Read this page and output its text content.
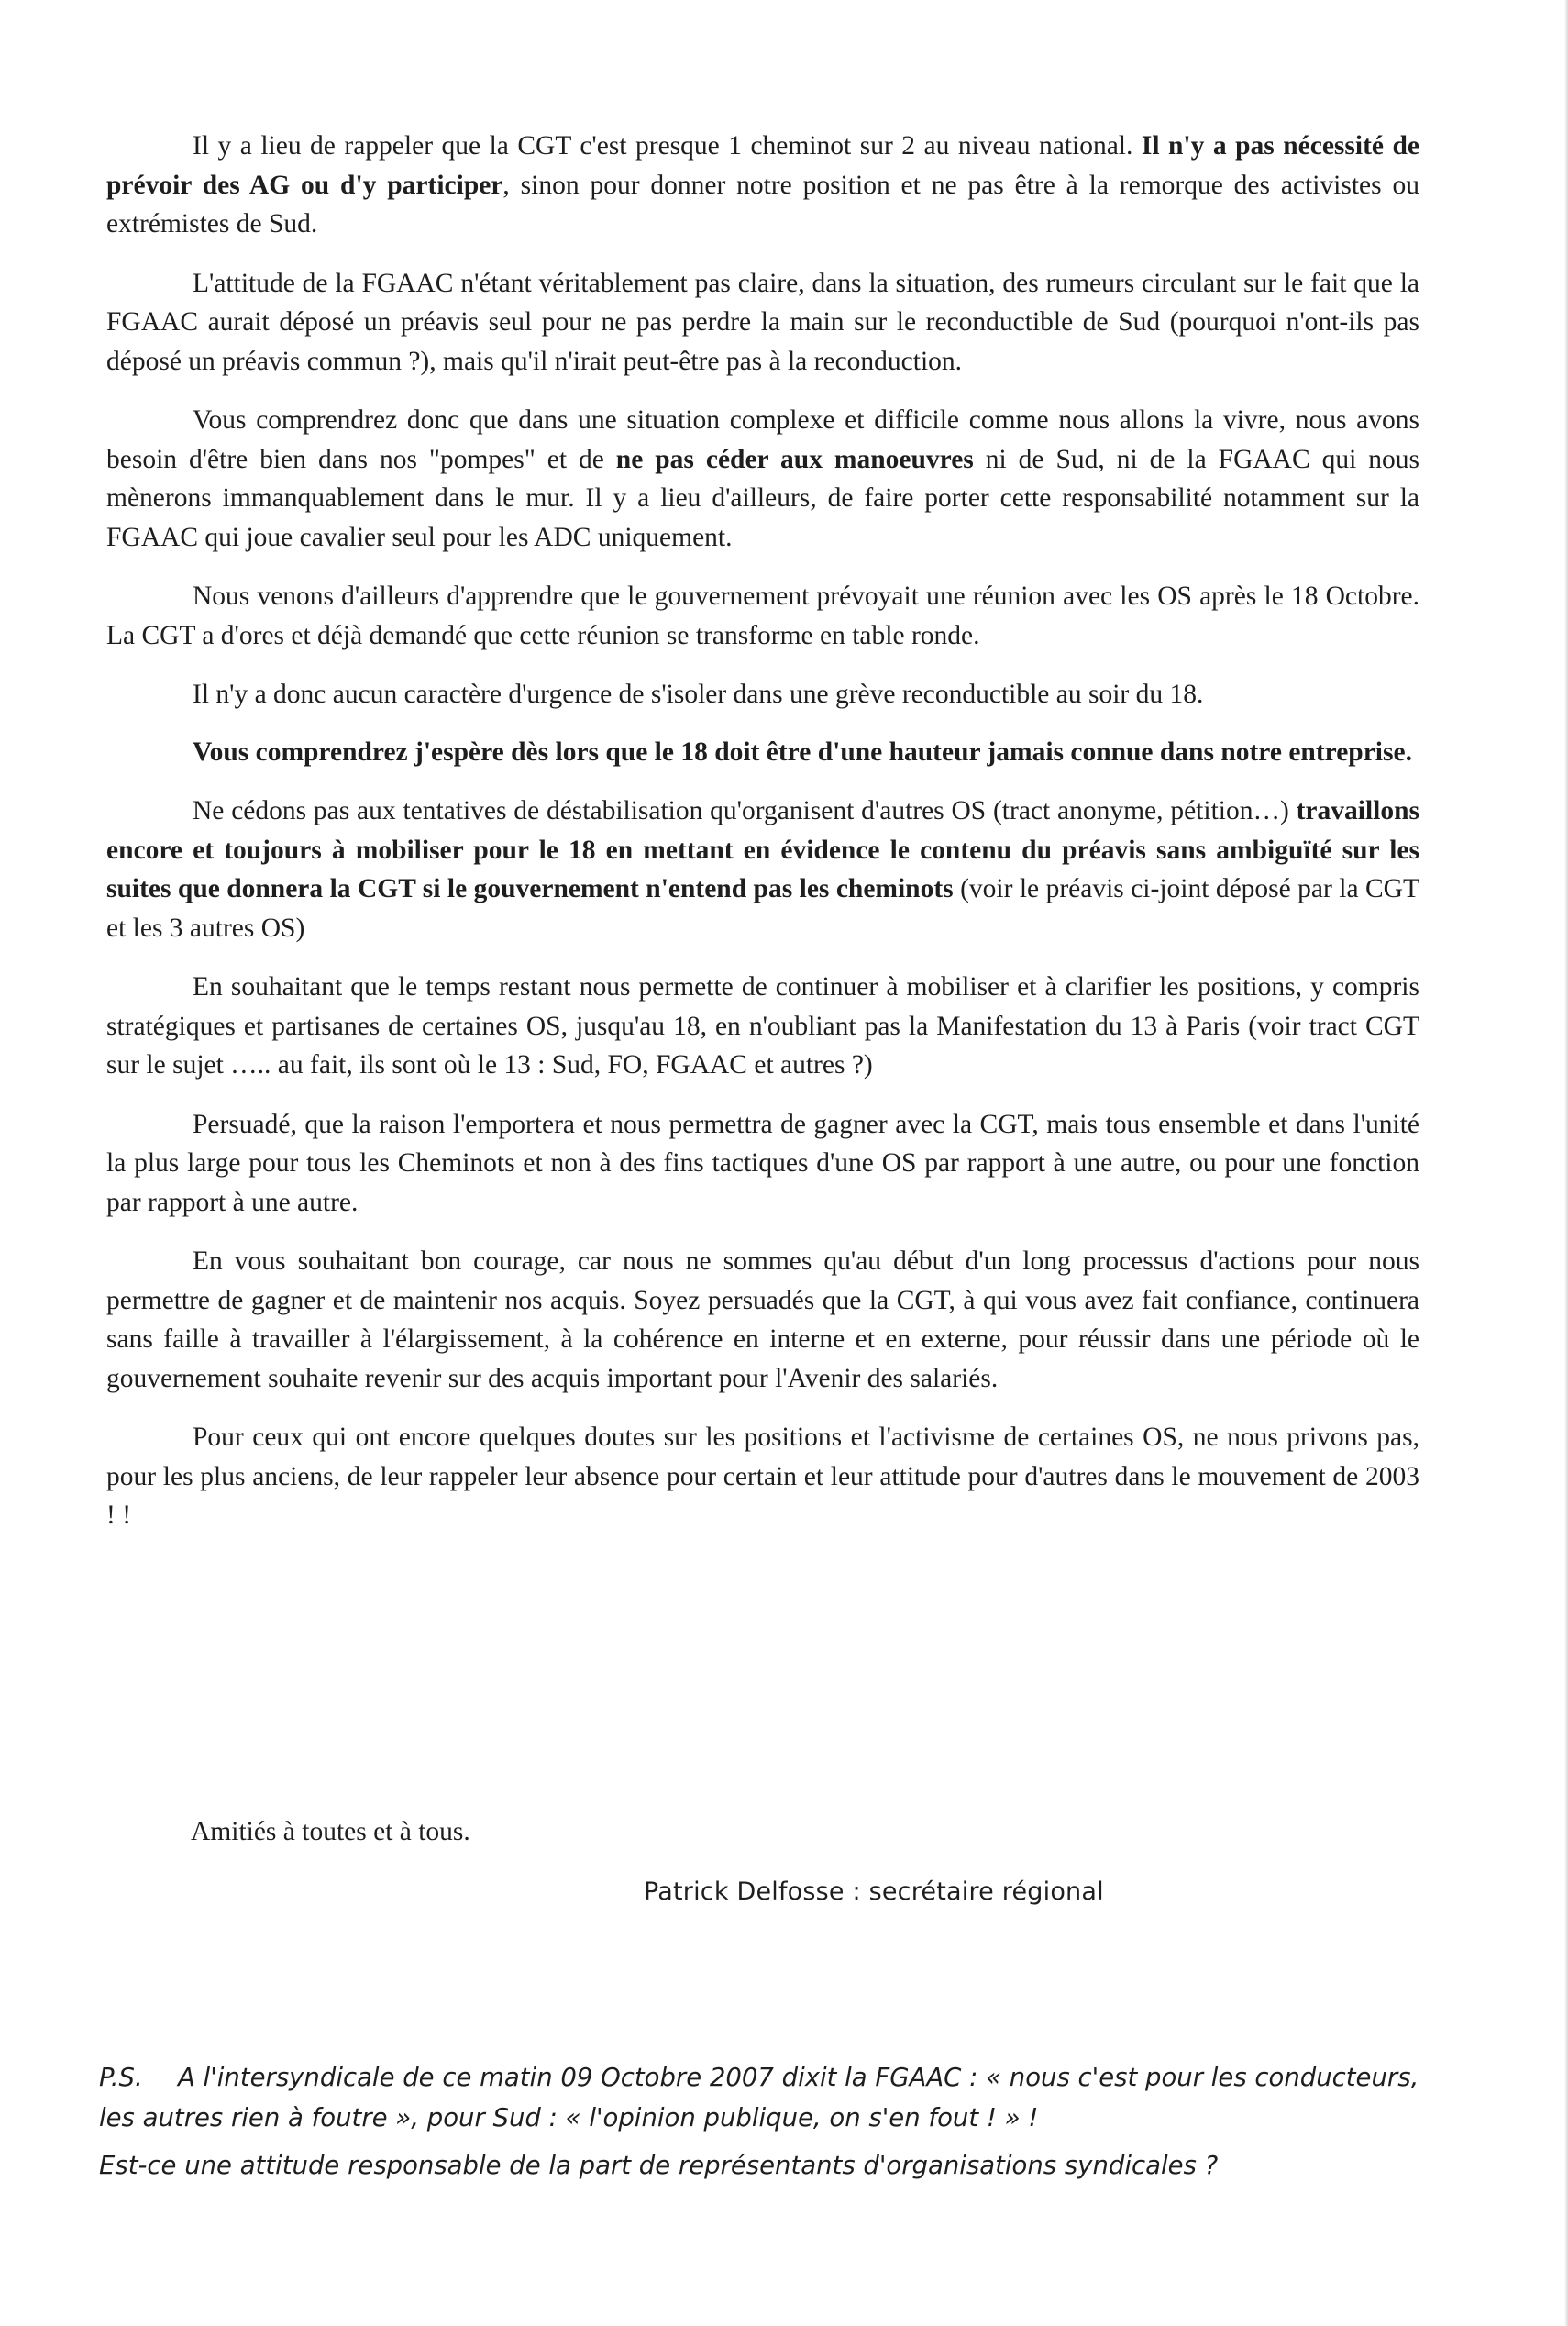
Il y a lieu de rappeler que la CGT c'est presque 1 cheminot sur 2 au niveau national. Il n'y a pas nécessité de prévoir des AG ou d'y participer, sinon pour donner notre position et ne pas être à la remorque des activistes ou extrémistes de Sud.

L'attitude de la FGAAC n'étant véritablement pas claire, dans la situation, des rumeurs circulant sur le fait que la FGAAC aurait déposé un préavis seul pour ne pas perdre la main sur le reconductible de Sud (pourquoi n'ont-ils pas déposé un préavis commun ?), mais qu'il n'irait peut-être pas à la reconduction.

Vous comprendrez donc que dans une situation complexe et difficile comme nous allons la vivre, nous avons besoin d'être bien dans nos "pompes" et de ne pas céder aux manoeuvres ni de Sud, ni de la FGAAC qui nous mènerons immanquablement dans le mur. Il y a lieu d'ailleurs, de faire porter cette responsabilité notamment sur la FGAAC qui joue cavalier seul pour les ADC uniquement.

Nous venons d'ailleurs d'apprendre que le gouvernement prévoyait une réunion avec les OS après le 18 Octobre. La CGT a d'ores et déjà demandé que cette réunion se transforme en table ronde.

Il n'y a donc aucun caractère d'urgence de s'isoler dans une grève reconductible au soir du 18.

Vous comprendrez j'espère dès lors que le 18 doit être d'une hauteur jamais connue dans notre entreprise.

Ne cédons pas aux tentatives de déstabilisation qu'organisent d'autres OS (tract anonyme, pétition…) travaillons encore et toujours à mobiliser pour le 18 en mettant en évidence le contenu du préavis sans ambiguïté sur les suites que donnera la CGT si le gouvernement n'entend pas les cheminots (voir le préavis ci-joint déposé par la CGT et les 3 autres OS)

En souhaitant que le temps restant nous permette de continuer à mobiliser et à clarifier les positions, y compris stratégiques et partisanes de certaines OS, jusqu'au 18, en n'oubliant pas la Manifestation du 13 à Paris (voir tract CGT sur le sujet ….. au fait, ils sont où le 13 : Sud, FO, FGAAC et autres ?)

Persuadé, que la raison l'emportera et nous permettra de gagner avec la CGT, mais tous ensemble et dans l'unité la plus large pour tous les Cheminots et non à des fins tactiques d'une OS par rapport à une autre, ou pour une fonction par rapport à une autre.

En vous souhaitant bon courage, car nous ne sommes qu'au début d'un long processus d'actions pour nous permettre de gagner et de maintenir nos acquis. Soyez persuadés que la CGT, à qui vous avez fait confiance, continuera sans faille à travailler à l'élargissement, à la cohérence en interne et en externe, pour réussir dans une période où le gouvernement souhaite revenir sur des acquis important pour l'Avenir des salariés.

Pour ceux qui ont encore quelques doutes sur les positions et l'activisme de certaines OS, ne nous privons pas, pour les plus anciens, de leur rappeler leur absence pour certain et leur attitude pour d'autres dans le mouvement de 2003 ! !

Amitiés à toutes et à tous.

Patrick Delfosse : secrétaire régional

P.S. A l'intersyndicale de ce matin 09 Octobre 2007 dixit la FGAAC : « nous c'est pour les conducteurs, les autres rien à foutre », pour Sud : « l'opinion publique, on s'en fout ! » !

Est-ce une attitude responsable de la part de représentants d'organisations syndicales ?
